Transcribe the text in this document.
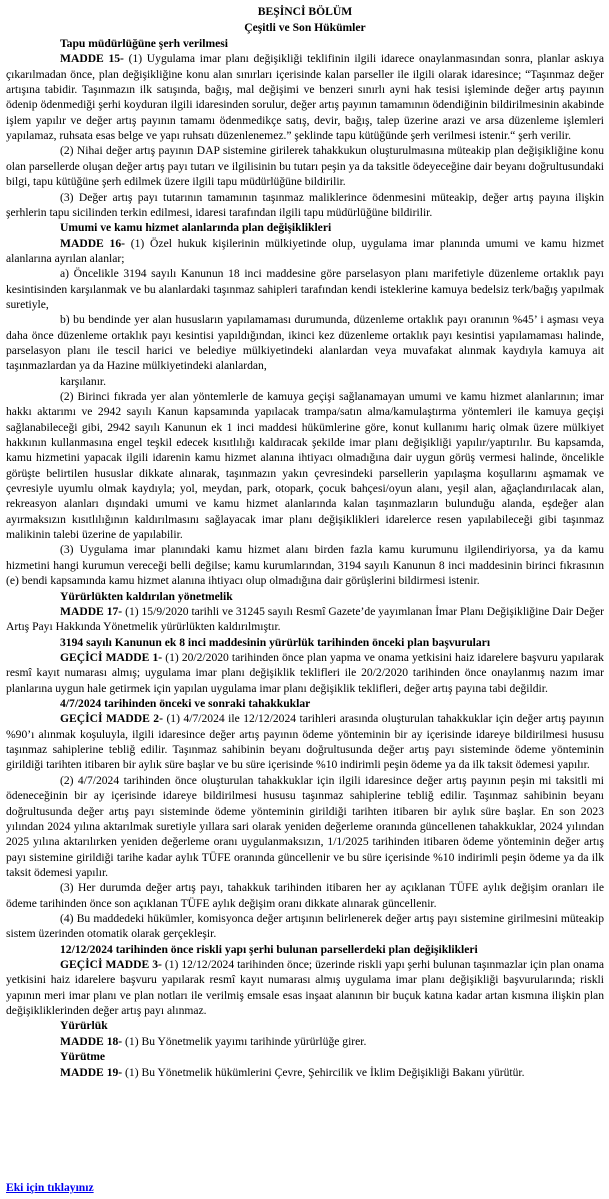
BEŞİNCİ BÖLÜM

Çeşitli ve Son Hükümler

Tapu müdürlüğüne şerh verilmesi

MADDE 15- (1) Uygulama imar planı değişikliği teklifinin ilgili idarece onaylanmasından sonra, planlar askıya çıkarılmadan önce, plan değişikliğine konu alan sınırları içerisinde kalan parseller ile ilgili olarak idaresince; “Taşınmaz değer artışına tabidir. Taşınmazın ilk satışında, bağış, mal değişimi ve benzeri sınırlı ayni hak tesisi işleminde değer artış payının ödenip ödenmediği şerhi koyduran ilgili idaresinden sorulur, değer artış payının tamamının ödendiğinin bildirilmesinin akabinde işlem yapılır ve değer artış payının tamamı ödenmedikçe satış, devir, bağış, talep üzerine arazi ve arsa düzenleme işlemleri yapılamaz, ruhsata esas belge ve yapı ruhsatı düzenlenemez.” şeklinde tapu kütüğünde şerh verilmesi istenir.“ şerh verilir.

(2) Nihai değer artış payının DAP sistemine girilerek tahakkukun oluşturulmasına müteakip plan değişikliğine konu olan parsellerde oluşan değer artış payı tutarı ve ilgilisinin bu tutarı peşin ya da taksitle ödeyeceğine dair beyanı doğrultusundaki bilgi, tapu kütüğüne şerh edilmek üzere ilgili tapu müdürlüğüne bildirilir.

(3) Değer artış payı tutarının tamamının taşınmaz maliklerince ödenmesini müteakip, değer artış payına ilişkin şerhlerin tapu sicilinden terkin edilmesi, idaresi tarafından ilgili tapu müdürlüğüne bildirilir.

Umumi ve kamu hizmet alanlarında plan değişiklikleri

MADDE 16- (1) Özel hukuk kişilerinin mülkiyetinde olup, uygulama imar planında umumi ve kamu hizmet alanlarına ayrılan alanlar;

a) Öncelikle 3194 sayılı Kanunun 18 inci maddesine göre parselasyon planı marifetiyle düzenleme ortaklık payı kesintisinden karşılanmak ve bu alanlardaki taşınmaz sahipleri tarafından kendi isteklerine kamuya bedelsiz terk/bağış yapılmak suretiyle,

b) bu bendinde yer alan hususların yapılamaması durumunda, düzenleme ortaklık payı oranının %45’ i aşması veya daha önce düzenleme ortaklık payı kesintisi yapıldığından, ikinci kez düzenleme ortaklık payı kesintisi yapılamaması halinde, parselasyon planı ile tescil harici ve belediye mülkiyetindeki alanlardan veya muvafakat alınmak kaydıyla kamuya ait taşınmazlardan ya da Hazine mülkiyetindeki alanlardan,

karşılanır.

(2) Birinci fıkrada yer alan yöntemlerle de kamuya geçişi sağlanamayan umumi ve kamu hizmet alanlarının; imar hakkı aktarımı ve 2942 sayılı Kanun kapsamında yapılacak trampa/satın alma/kamulaştırma yöntemleri ile kamuya geçişi sağlanabileceği gibi, 2942 sayılı Kanunun ek 1 inci maddesi hükümlerine göre, konut kullanımı hariç olmak üzere mülkiyet hakkının kullanmasına engel teşkil edecek kısıtlılığı kaldıracak şekilde imar planı değişikliği yapılır/yaptırılır. Bu kapsamda, kamu hizmetini yapacak ilgili idarenin kamu hizmet alanına ihtiyacı olmadığına dair uygun görüş vermesi halinde, öncelikle görüşte belirtilen hususlar dikkate alınarak, taşınmazın yakın çevresindeki parsellerin yapılaşma koşullarını aşmamak ve çevresiyle uyumlu olmak kaydıyla; yol, meydan, park, otopark, çocuk bahçesi/oyun alanı, yeşil alan, ağaçlandırılacak alan, rekreasyon alanları dışındaki umumi ve kamu hizmet alanlarında kalan taşınmazların bulunduğu alanda, eşdeğer alan ayırmaksızın kısıtlılığının kaldırılmasını sağlayacak imar planı değişiklikleri idarelerce resen yapılabileceği gibi taşınmaz malikinin talebi üzerine de yapılabilir.

(3) Uygulama imar planındaki kamu hizmet alanı birden fazla kamu kurumunu ilgilendiriyorsa, ya da kamu hizmetini hangi kurumun vereceği belli değilse; kamu kurumlarından, 3194 sayılı Kanunun 8 inci maddesinin birinci fıkrasının (e) bendi kapsamında kamu hizmet alanına ihtiyacı olup olmadığına dair görüşlerini bildirmesi istenir.

Yürürlükten kaldırılan yönetmelik

MADDE 17- (1) 15/9/2020 tarihli ve 31245 sayılı Resmî Gazete’de yayımlanan İmar Planı Değişikliğine Dair Değer Artış Payı Hakkında Yönetmelik yürürlükten kaldırılmıştır.

3194 sayılı Kanunun ek 8 inci maddesinin yürürlük tarihinden önceki plan başvuruları

GEÇİCİ MADDE 1- (1) 20/2/2020 tarihinden önce plan yapma ve onama yetkisini haiz idarelere başvuru yapılarak resmî kayıt numarası almış; uygulama imar planı değişiklik teklifleri ile 20/2/2020 tarihinden önce onaylanmış nazım imar planlarına uygun hale getirmek için yapılan uygulama imar planı değişiklik teklifleri, değer artış payına tabi değildir.

4/7/2024 tarihinden önceki ve sonraki tahakkuklar

GEÇİCİ MADDE 2- (1) 4/7/2024 ile 12/12/2024 tarihleri arasında oluşturulan tahakkuklar için değer artış payının %90’ı alınmak koşuluyla, ilgili idaresince değer artış payının ödeme yönteminin bir ay içerisinde idareye bildirilmesi hususu taşınmaz sahiplerine tebliğ edilir. Taşınmaz sahibinin beyanı doğrultusunda değer artış payı sisteminde ödeme yönteminin girildiği tarihten itibaren bir aylık süre başlar ve bu süre içerisinde %10 indirimli peşin ödeme ya da ilk taksit ödemesi yapılır.

(2) 4/7/2024 tarihinden önce oluşturulan tahakkuklar için ilgili idaresince değer artış payının peşin mi taksitli mi ödeneceğinin bir ay içerisinde idareye bildirilmesi hususu taşınmaz sahiplerine tebliğ edilir. Taşınmaz sahibinin beyanı doğrultusunda değer artış payı sisteminde ödeme yönteminin girildiği tarihten itibaren bir aylık süre başlar. En son 2023 yılından 2024 yılına aktarılmak suretiyle yıllara sari olarak yeniden değerleme oranında güncellenen tahakkuklar, 2024 yılından 2025 yılına aktarılırken yeniden değerleme oranı uygulanmaksızın, 1/1/2025 tarihinden itibaren ödeme yönteminin değer artış payı sistemine girildiği tarihe kadar aylık TÜFE oranında güncellenir ve bu süre içerisinde %10 indirimli peşin ödeme ya da ilk taksit ödemesi yapılır.

(3) Her durumda değer artış payı, tahakkuk tarihinden itibaren her ay açıklanan TÜFE aylık değişim oranları ile ödeme tarihinden önce son açıklanan TÜFE aylık değişim oranı dikkate alınarak güncellenir.

(4) Bu maddedeki hükümler, komisyonca değer artışının belirlenerek değer artış payı sistemine girilmesini müteakip sistem üzerinden otomatik olarak gerçekleşir.

12/12/2024 tarihinden önce riskli yapı şerhi bulunan parsellerdeki plan değişiklikleri

GEÇİCİ MADDE 3- (1) 12/12/2024 tarihinden önce; üzerinde riskli yapı şerhi bulunan taşınmazlar için plan onama yetkisini haiz idarelere başvuru yapılarak resmî kayıt numarası almış uygulama imar planı değişikliği başvurularında; riskli yapının meri imar planı ve plan notları ile verilmiş emsale esas inşaat alanının bir buçuk katına kadar artan kısmına ilişkin plan değişikliklerinden değer artış payı alınmaz.

Yürürlük

MADDE 18- (1) Bu Yönetmelik yayımı tarihinde yürürlüğe girer.

Yürütme

MADDE 19- (1) Bu Yönetmelik hükümlerini Çevre, Şehircilik ve İklim Değişikliği Bakanı yürütür.

Eki için tıklayınız
